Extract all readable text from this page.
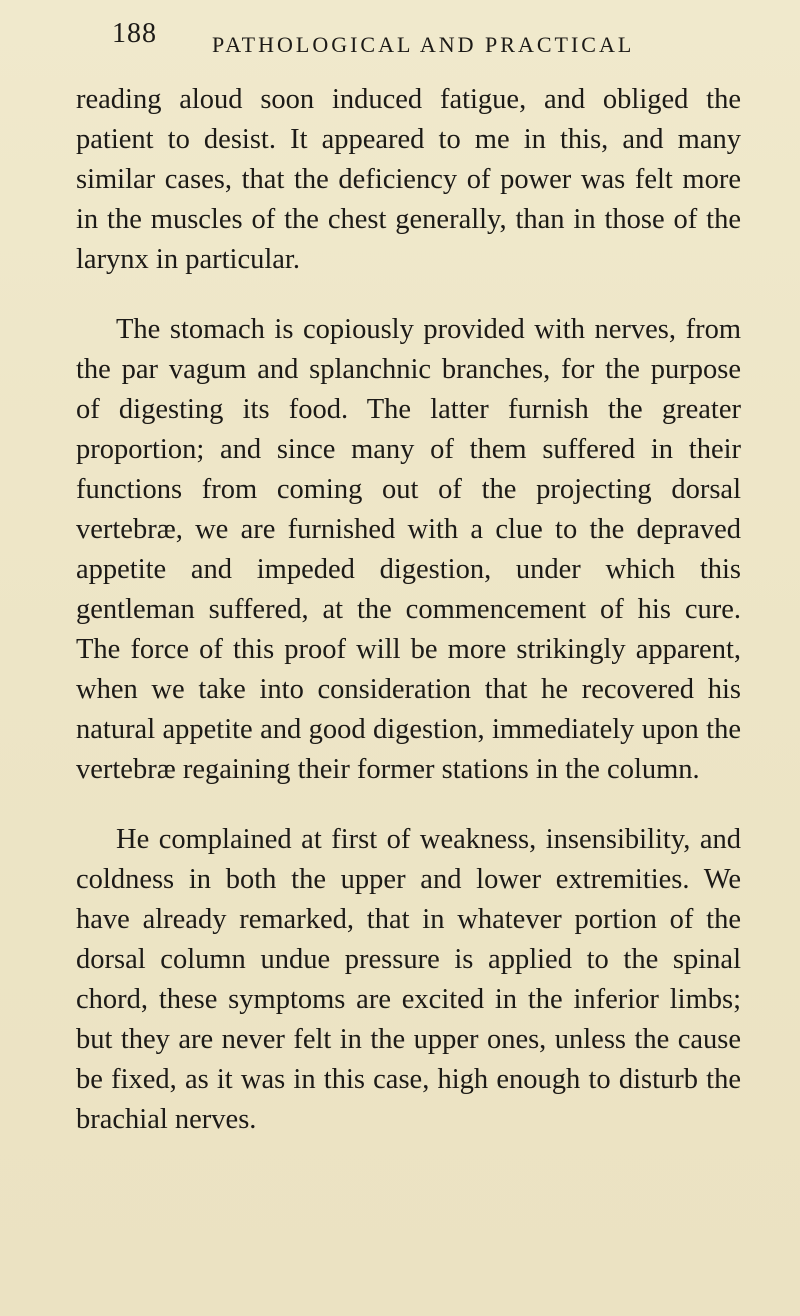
188	PATHOLOGICAL AND PRACTICAL

reading aloud soon induced fatigue, and obliged the patient to desist. It appeared to me in this, and many similar cases, that the deficiency of power was felt more in the muscles of the chest generally, than in those of the larynx in particular.

The stomach is copiously provided with nerves, from the par vagum and splanchnic branches, for the purpose of digesting its food. The latter furnish the greater proportion; and since many of them suffered in their functions from coming out of the projecting dorsal vertebræ, we are furnished with a clue to the depraved appetite and impeded digestion, under which this gentleman suffered, at the commencement of his cure. The force of this proof will be more strikingly apparent, when we take into consideration that he recovered his natural appetite and good digestion, immediately upon the vertebræ regaining their former stations in the column.

He complained at first of weakness, insensibility, and coldness in both the upper and lower extremities. We have already remarked, that in whatever portion of the dorsal column undue pressure is applied to the spinal chord, these symptoms are excited in the inferior limbs; but they are never felt in the upper ones, unless the cause be fixed, as it was in this case, high enough to disturb the brachial nerves.
